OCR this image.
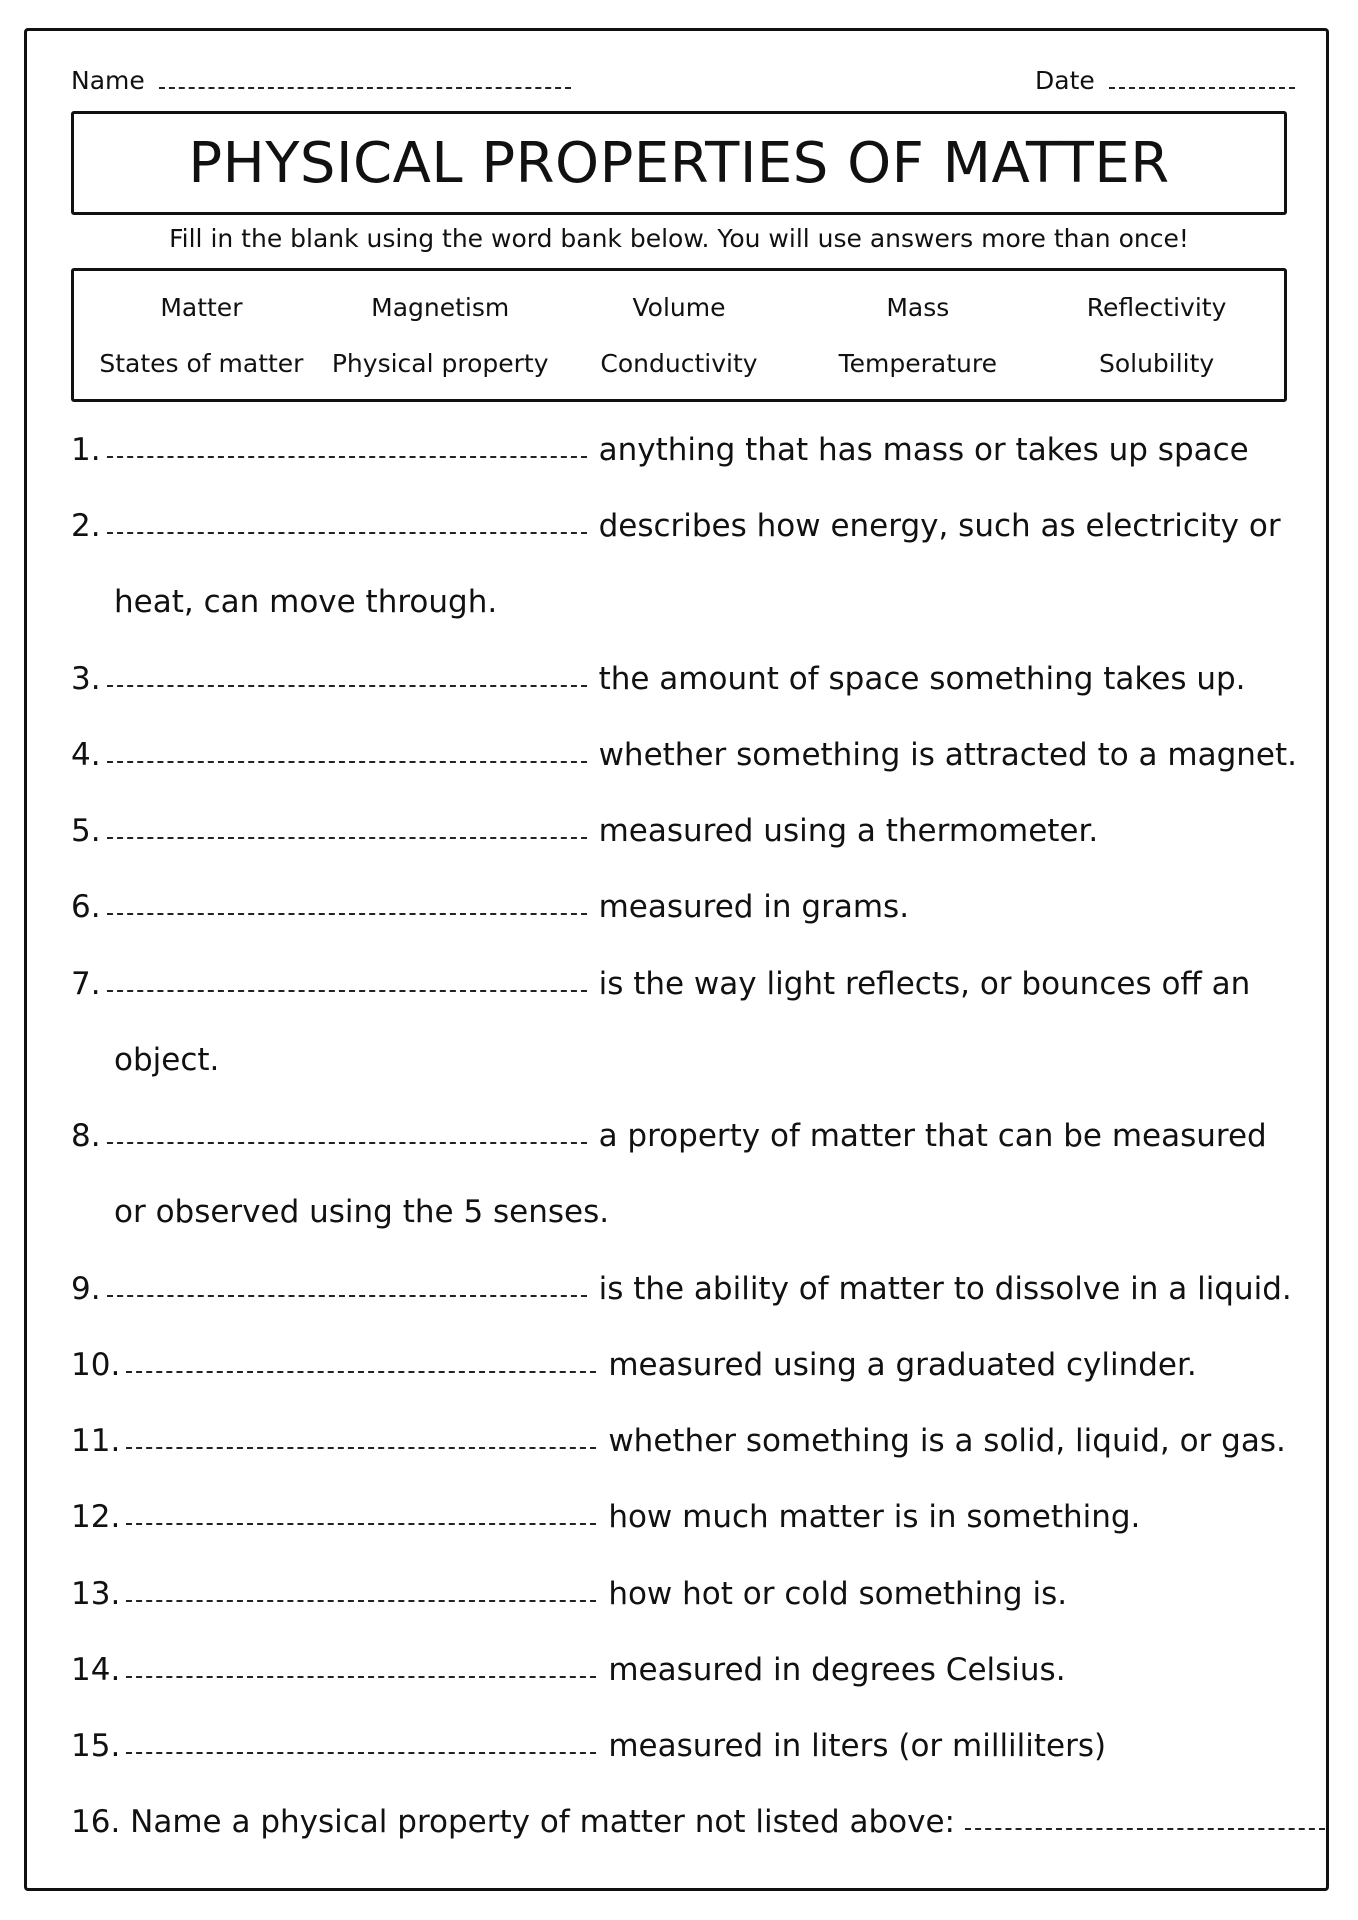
Name	Date
PHYSICAL PROPERTIES OF MATTER
Fill in the blank using the word bank below. You will use answers more than once!
Matter	Magnetism	Volume	Mass	Reflectivity
States of matter	Physical property	Conductivity	Temperature	Solubility
1.	anything that has mass or takes up space
2.	describes how energy, such as electricity or
heat, can move through.
3.	the amount of space something takes up.
4.	whether something is attracted to a magnet.
5.	measured using a thermometer.
6.	measured in grams.
7.	is the way light reflects, or bounces off an
object.
8.	a property of matter that can be measured
or observed using the 5 senses.
9.	is the ability of matter to dissolve in a liquid.
10.	measured using a graduated cylinder.
11.	whether something is a solid, liquid, or gas.
12.	how much matter is in something.
13.	how hot or cold something is.
14.	measured in degrees Celsius.
15.	measured in liters (or milliliters)
16. Name a physical property of matter not listed above:
